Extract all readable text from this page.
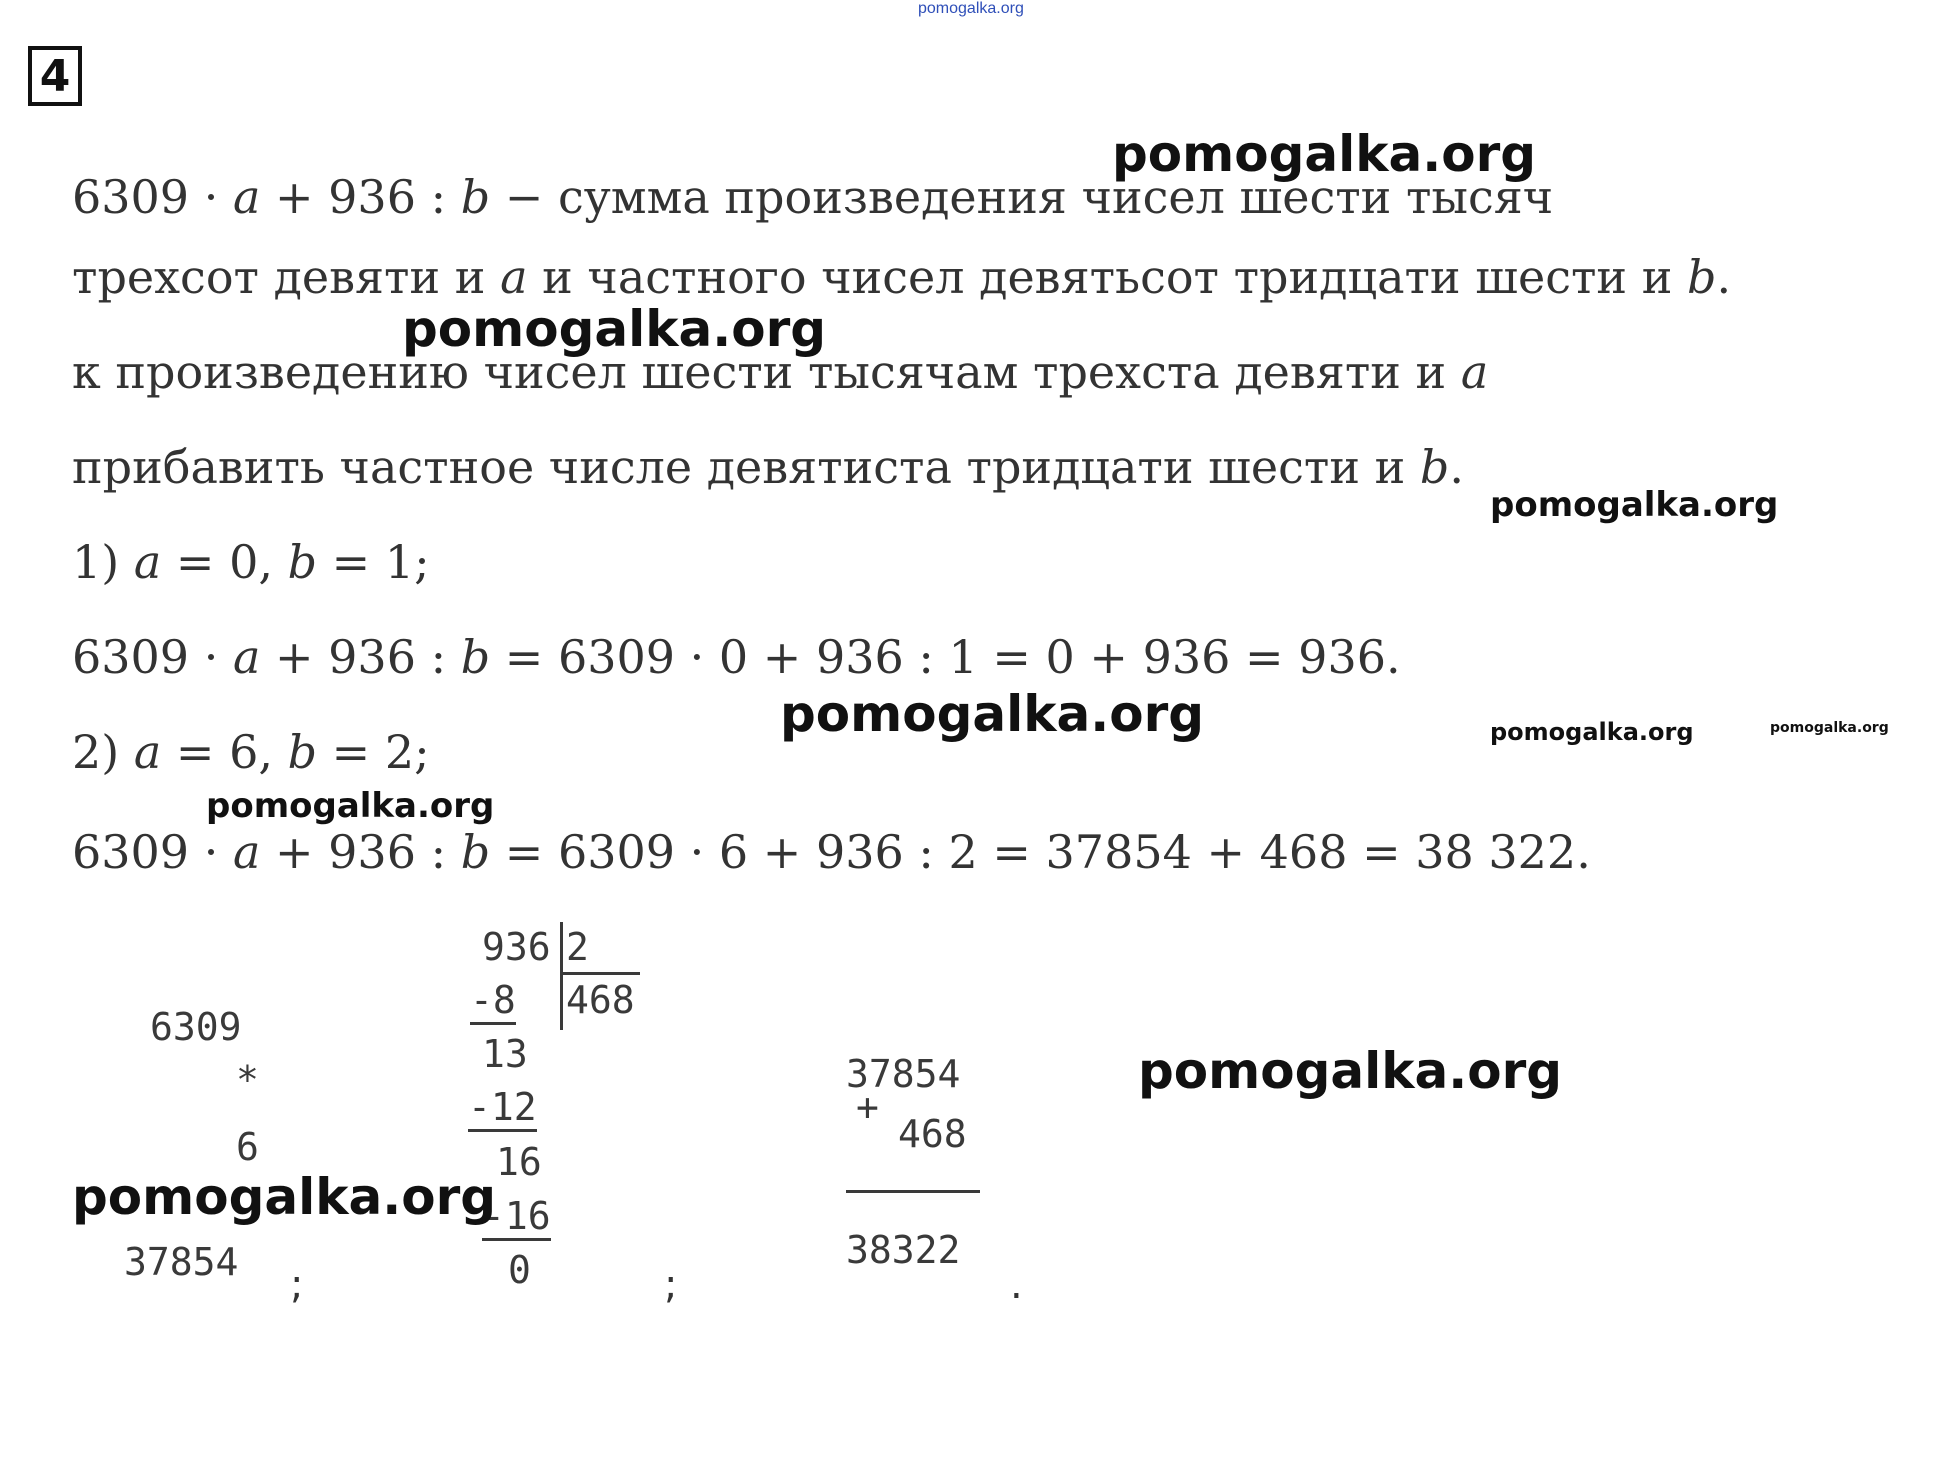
pomogalka.org
4
6309 · a + 936 : b − сумма произведения чисел шести тысяч
трехсот девяти и a и частного чисел девятьсот тридцати шести и b.
к произведению чисел шести тысячам трехста девяти и a
прибавить частное числе девятиста тридцати шести и b.
1) a = 0, b = 1;
6309 · a + 936 : b = 6309 · 0 + 936 : 1 = 0 + 936 = 936.
2) a = 6, b = 2;
6309 · a + 936 : b = 6309 · 6 + 936 : 2 = 37854 + 468 = 38 322.
6309
*
6
37854 ;
936 2
468
-8
13
-12
16
-16
0	;
37854
+
468
38322
.
pomogalka.org
pomogalka.org
pomogalka.org
pomogalka.org	pomogalka.org	pomogalka.org
pomogalka.org
pomogalka.org
pomogalka.org
